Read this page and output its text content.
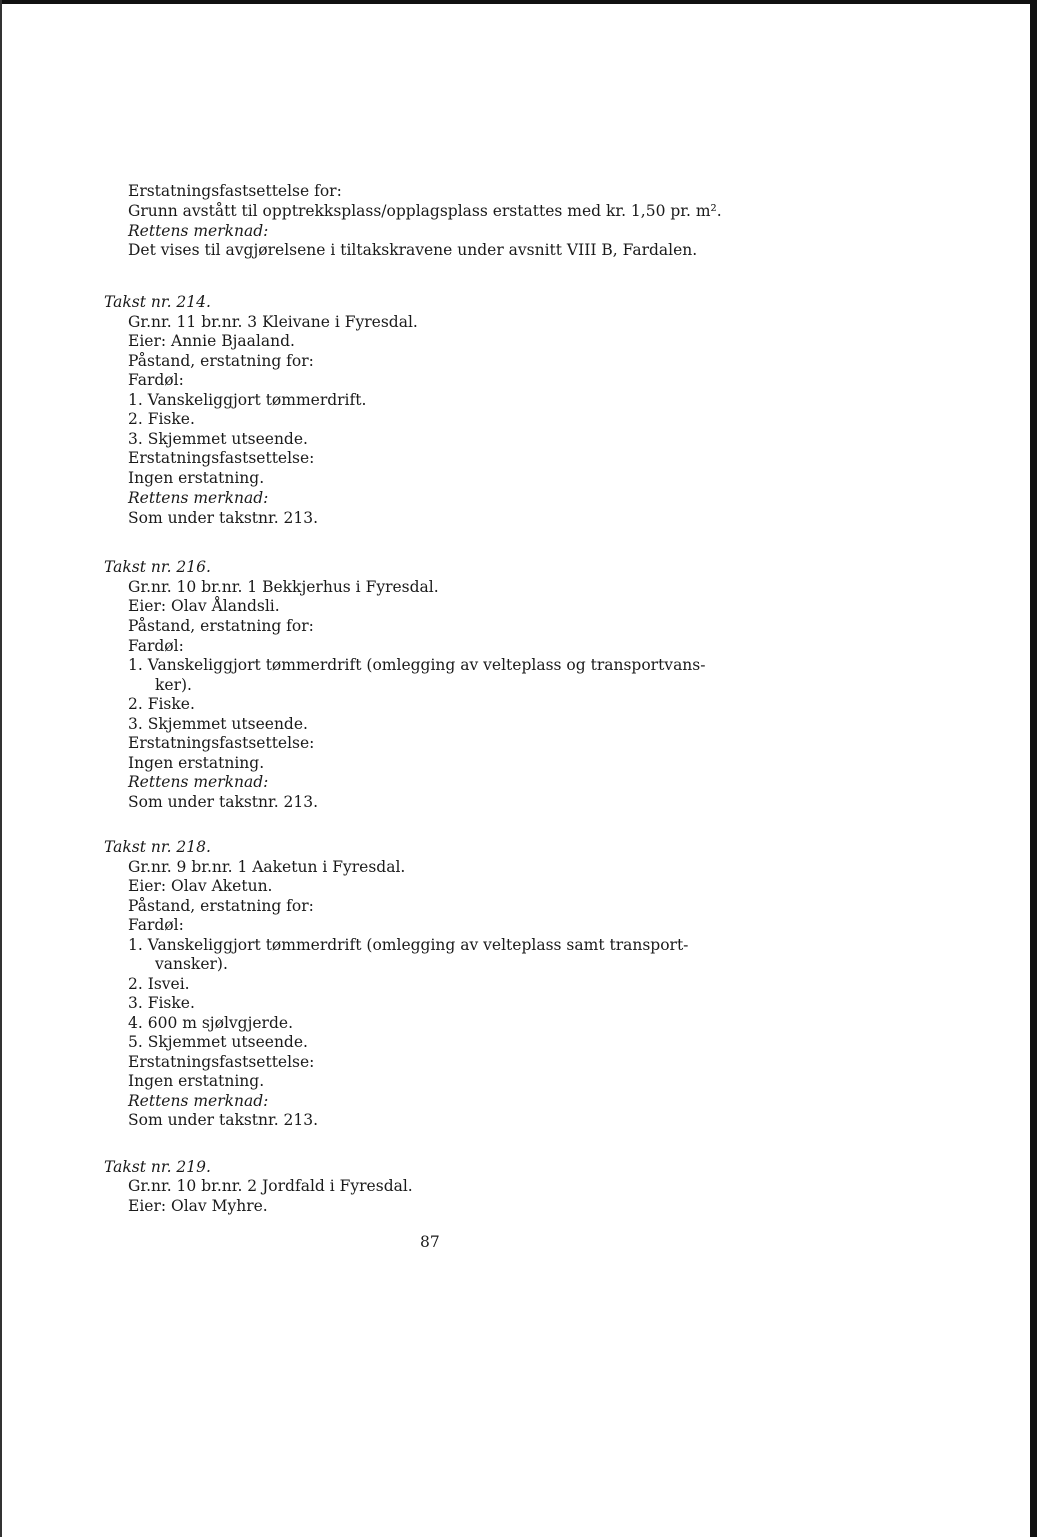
Erstatningsfastsettelse for:
Grunn avstått til opptrekksplass/opplagsplass erstattes med kr. 1,50 pr. m².
Rettens merknad:
Det vises til avgjørelsene i tiltakskravene under avsnitt VIII B, Fardalen.
Takst nr. 214.
Gr.nr. 11 br.nr. 3 Kleivane i Fyresdal.
Eier: Annie Bjaaland.
Påstand, erstatning for:
Fardøl:
1. Vanskeliggjort tømmerdrift.
2. Fiske.
3. Skjemmet utseende.
Erstatningsfastsettelse:
Ingen erstatning.
Rettens merknad:
Som under takstnr. 213.
Takst nr. 216.
Gr.nr. 10 br.nr. 1 Bekkjerhus i Fyresdal.
Eier: Olav Ålandsli.
Påstand, erstatning for:
Fardøl:
1. Vanskeliggjort tømmerdrift (omlegging av velteplass og transportvans-
ker).
2. Fiske.
3. Skjemmet utseende.
Erstatningsfastsettelse:
Ingen erstatning.
Rettens merknad:
Som under takstnr. 213.
Takst nr. 218.
Gr.nr. 9 br.nr. 1 Aaketun i Fyresdal.
Eier: Olav Aketun.
Påstand, erstatning for:
Fardøl:
1. Vanskeliggjort tømmerdrift (omlegging av velteplass samt transport-
vansker).
2. Isvei.
3. Fiske.
4. 600 m sjølvgjerde.
5. Skjemmet utseende.
Erstatningsfastsettelse:
Ingen erstatning.
Rettens merknad:
Som under takstnr. 213.
Takst nr. 219.
Gr.nr. 10 br.nr. 2 Jordfald i Fyresdal.
Eier: Olav Myhre.
87
